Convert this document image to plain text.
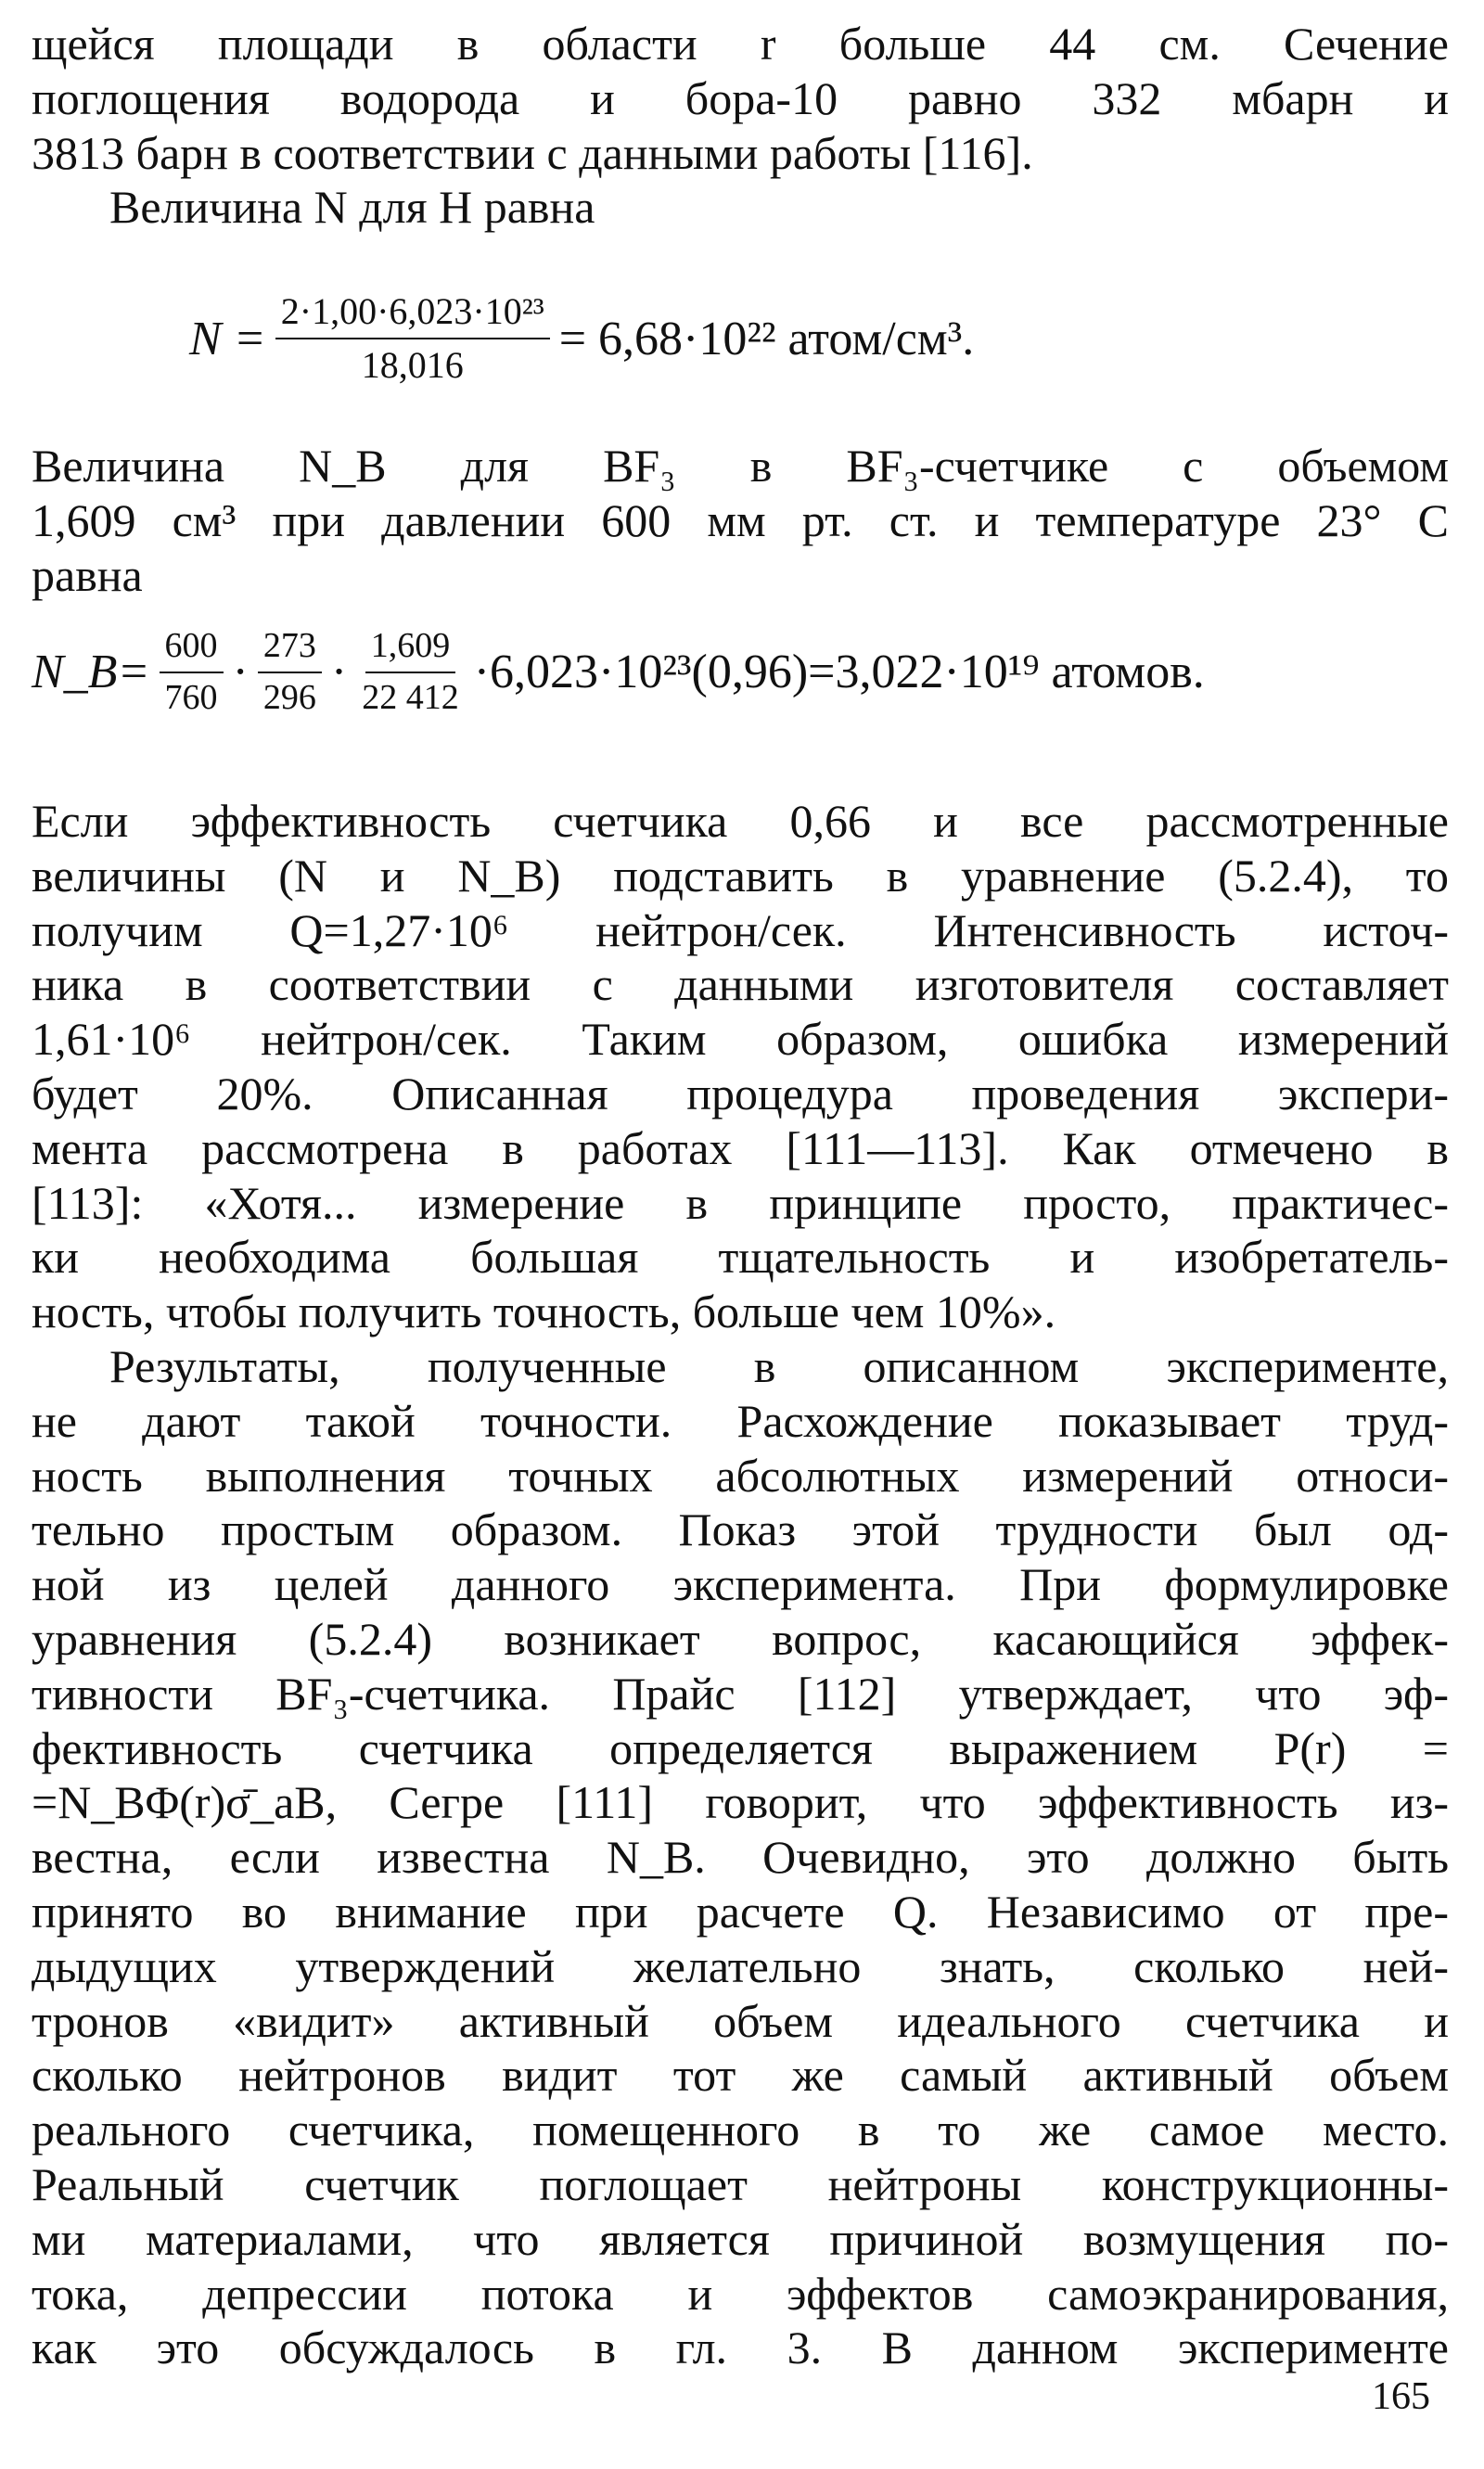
щейся площади в области r больше 44 см. Сечение

поглощения водорода и бора-10 равно 332 мбарн и

3813 барн в соответствии с данными работы [116].

Величина N для H равна

$N = \frac{\text{2·1,00·6,023·10²³}}{18,016} = 6,68\cdot 10^{22}$ атом/см³.

Величина N_B для BF₃ в BF₃-счетчике с объемом

1,609 см³ при давлении 600 мм рт. ст. и температуре 23° С

равна

N_B= $\frac{600}{760} \cdot \frac{273}{296} \cdot \frac{1,609}{22 412} \cdot 6,023\cdot 10^{23}(0,96)=3,022\cdot 10^{19}$ атомов.

Если эффективность счетчика 0,66 и все рассмотренные

величины (N и N_B) подставить в уравнение (5.2.4), то

получим Q=1,27·10⁶ нейтрон/сек. Интенсивность источ-

ника в соответствии с данными изготовителя составляет

1,61·10⁶ нейтрон/сек. Таким образом, ошибка измерений

будет 20%. Описанная процедура проведения экспери-

мента рассмотрена в работах [111—113]. Как отмечено в

[113]: «Хотя... измерение в принципе просто, практичес-

ки необходима большая тщательность и изобретатель-

ность, чтобы получить точность, больше чем 10%».

Результаты, полученные в описанном эксперименте,

не дают такой точности. Расхождение показывает труд-

ность выполнения точных абсолютных измерений относи-

тельно простым образом. Показ этой трудности был од-

ной из целей данного эксперимента. При формулировке

уравнения (5.2.4) возникает вопрос, касающийся эффек-

тивности BF₃-счетчика. Прайс [112] утверждает, что эф-

фективность счетчика определяется выражением P(r) =

=N_BΦ(r)σ̄_aB, Сегре [111] говорит, что эффективность из-

вестна, если известна N_B. Очевидно, это должно быть

принято во внимание при расчете Q. Независимо от пре-

дыдущих утверждений желательно знать, сколько ней-

тронов «видит» активный объем идеального счетчика и

сколько нейтронов видит тот же самый активный объем

реального счетчика, помещенного в то же самое место.

Реальный счетчик поглощает нейтроны конструкционны-

ми материалами, что является причиной возмущения по-

тока, депрессии потока и эффектов самоэкранирования,

как это обсуждалось в гл. 3. В данном эксперименте

165
